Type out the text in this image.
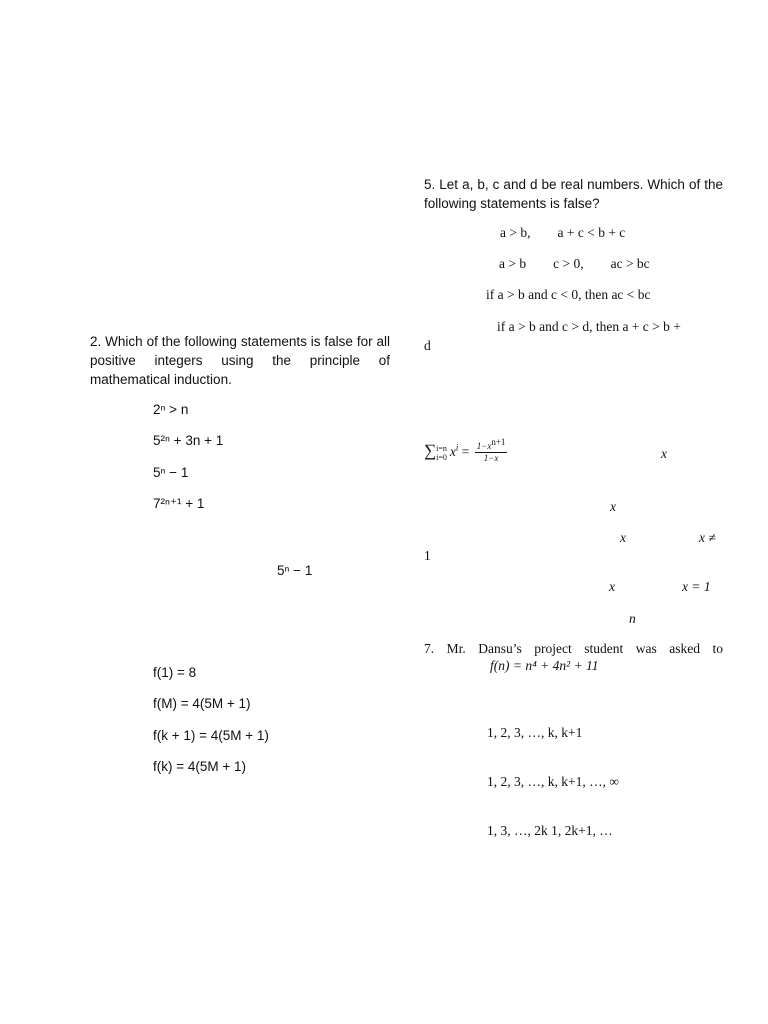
2. Which of the following statements is false for all positive integers using the principle of mathematical induction.
2ⁿ > n
5²ⁿ + 3n + 1
5ⁿ − 1
7²ⁿ⁺¹ + 1
5ⁿ − 1
f(1) = 8
f(M) = 4(5M + 1)
f(k + 1) = 4(5M + 1)
f(k) = 4(5M + 1)
5. Let a, b, c and d be real numbers. Which of the following statements is false?
a > b,        a + c < b + c
a > b        c > 0,        ac > bc
if a > b and c < 0, then ac < bc
if a > b and c > d, then a + c > b +
d
∑ i=n
i=0 $x^i = \frac{1-x^{n+1}}{1-x}$	x
x
x	x ≠
1
x	x = 1
n
7. Mr. Dansu’s project student was asked to
f(n) = n⁴ + 4n² + 11
1, 2, 3, …, k, k+1
1, 2, 3, …, k, k+1, …, ∞
1, 3, …, 2k 1, 2k+1, …
